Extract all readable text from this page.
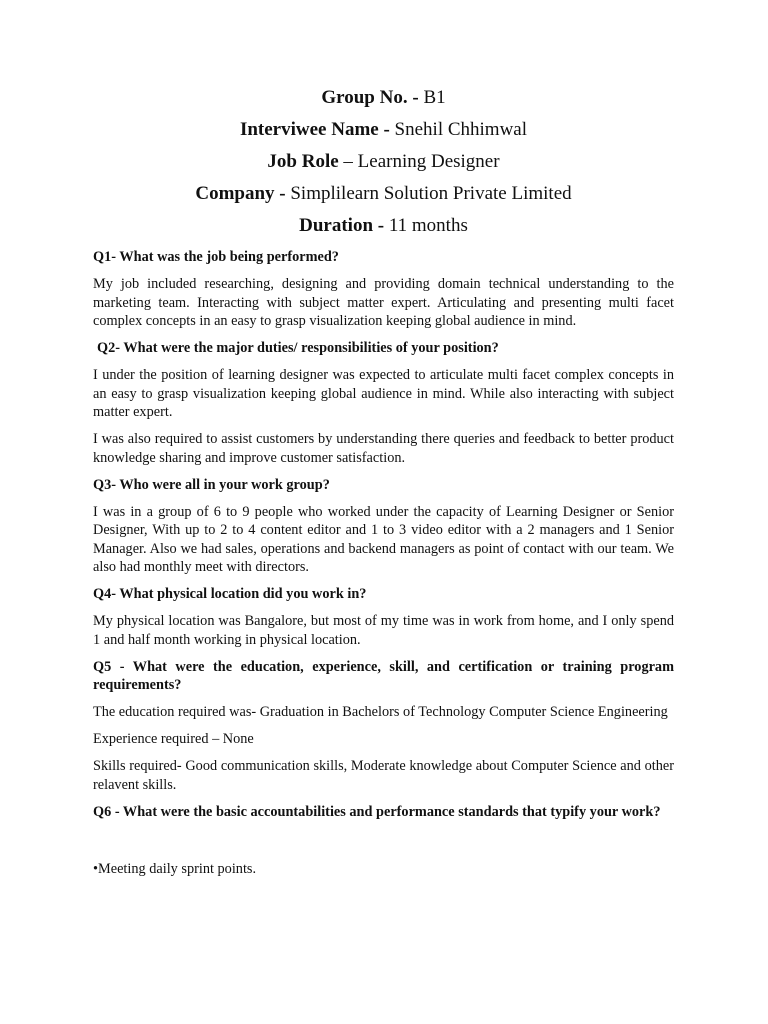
Group No. - B1
Interviwee Name - Snehil Chhimwal
Job Role – Learning Designer
Company - Simplilearn Solution Private Limited
Duration - 11 months
Q1- What was the job being performed?
My job included researching, designing and providing domain technical understanding to the marketing team. Interacting with subject matter expert. Articulating and presenting multi facet complex concepts in an easy to grasp visualization keeping global audience in mind.
Q2- What were the major duties/ responsibilities of your position?
I under the position of learning designer was expected to articulate multi facet complex concepts in an easy to grasp visualization keeping global audience in mind. While also interacting with subject matter expert.
I was also required to assist customers by understanding there queries and feedback to better product knowledge sharing and improve customer satisfaction.
Q3- Who were all in your work group?
I was in a group of 6 to 9 people who worked under the capacity of Learning Designer or Senior Designer, With up to 2 to 4 content editor and 1 to 3 video editor with a 2 managers and 1 Senior Manager. Also we had sales, operations and backend managers as point of contact with our team. We also had monthly meet with directors.
Q4- What physical location did you work in?
My physical location was Bangalore, but most of my time was in work from home, and I only spend 1 and half month working in physical location.
Q5 - What were the education, experience, skill, and certification or training program requirements?
The education required was- Graduation in Bachelors of Technology Computer Science Engineering
Experience required – None
Skills required- Good communication skills, Moderate knowledge about Computer Science and other relavent skills.
Q6 - What were the basic accountabilities and performance standards that typify your work?
•Meeting daily sprint points.
